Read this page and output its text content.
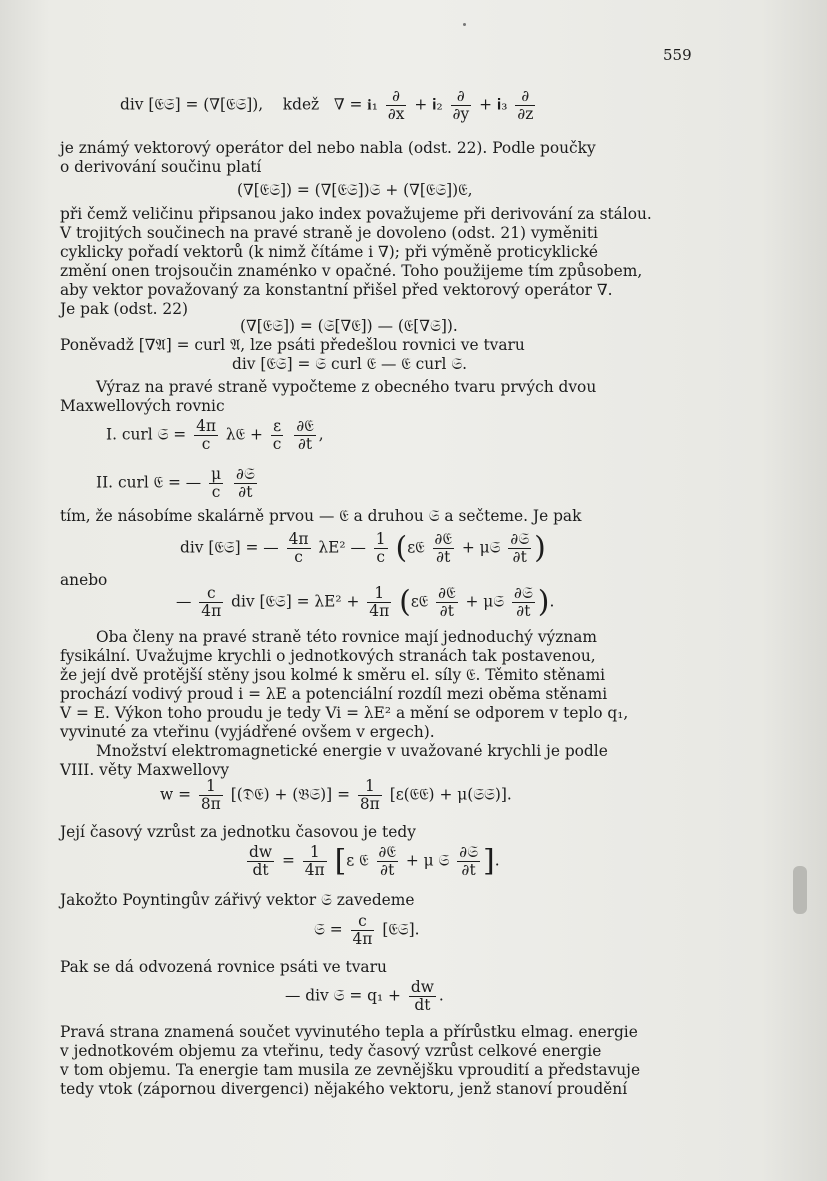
559
div [𝔈𝔖] = (∇[𝔈𝔖]), kdež ∇ = 𝐢₁ $\frac{\partial}{\partial x}$ + 𝐢₂ $\frac{\partial}{\partial y}$ + 𝐢₃ $\frac{\partial}{\partial z}$
je známý vektorový operátor del nebo nabla (odst. 22). Podle poučky
o derivování součinu platí
(∇[𝔈𝔖]) = (∇[𝔈𝔖])𝔖 + (∇[𝔈𝔖])𝔈,
při čemž veličinu připsanou jako index považujeme při derivování za stálou.
V trojitých součinech na pravé straně je dovoleno (odst. 21) vyměniti
cyklicky pořadí vektorů (k nimž čítáme i ∇); při výměně proticyklické
změní onen trojsoučin znaménko v opačné. Toho použijeme tím způsobem,
aby vektor považovaný za konstantní přišel před vektorový operátor ∇.
Je pak (odst. 22)
(∇[𝔈𝔖]) = (𝔖[∇𝔈]) — (𝔈[∇𝔖]).
Poněvadž [∇𝔄] = curl 𝔄, lze psáti předešlou rovnici ve tvaru
div [𝔈𝔖] = 𝔖 curl 𝔈 — 𝔈 curl 𝔖.
Výraz na pravé straně vypočteme z obecného tvaru prvých dvou
Maxwellových rovnic
I. curl 𝔖 = $\frac{4\pi}{c}$ λ𝔈 + $\frac{\varepsilon}{c}$
$\frac{\text{∂𝔈}}{\partial t}$ ,
II. curl 𝔈 = — $\frac{\mu}{c}$
$\frac{\text{∂𝔖}}{\partial t}$
tím, že násobíme skalárně prvou — 𝔈 a druhou 𝔖 a sečteme. Je pak
div [𝔈𝔖] = — $\frac{4\pi}{c} \lambda E^2$ — $\frac{1}{c}$ (ε𝔈 $\frac{\text{∂𝔈}}{\partial t}$ + μ𝔖 $\frac{\text{∂𝔖}}{\partial t}$ )
anebo
— $\frac{c}{4\pi}$ div [𝔈𝔖] = $\lambda E^2 + \frac{1}{4\pi}$ (ε𝔈 $\frac{\text{∂𝔈}}{\partial t}$ + μ𝔖 $\frac{\text{∂𝔖}}{\partial t}$ ).
Oba členy na pravé straně této rovnice mají jednoduchý význam
fysikální. Uvažujme krychli o jednotkových stranách tak postavenou,
že její dvě protější stěny jsou kolmé k směru el. síly 𝔈. Těmito stěnami
prochází vodivý proud i = λE a potenciální rozdíl mezi oběma stěnami
V = E. Výkon toho proudu je tedy Vi = λE² a mění se odporem v teplo q₁,
vyvinuté za vteřinu (vyjádřené ovšem v ergech).
Množství elektromagnetické energie v uvažované krychli je podle
VIII. věty Maxwellovy
$w = \frac{1}{8\pi}$ [(𝔇𝔈) + (𝔅𝔖)] = $\frac{1}{8\pi}$ [ε(𝔈𝔈) + μ(𝔖𝔖)].
Její časový vzrůst za jednotku časovou je tedy
$\frac{dw}{dt} = \frac{1}{4\pi} [\varepsilon$ 𝔈 $\frac{\text{∂𝔈}}{\partial t} + \mu$ 𝔖 $\frac{\text{∂𝔖}}{\partial t}$ ].
Jakožto Poyntingův zářivý vektor 𝔖 zavedeme
𝔖 = $\frac{c}{4\pi}$ [𝔈𝔖].
Pak se dá odvozená rovnice psáti ve tvaru
— div 𝔖 = $q_1 + \frac{dw}{dt}$ .
Pravá strana znamená součet vyvinutého tepla a přírůstku elmag. energie
v jednotkovém objemu za vteřinu, tedy časový vzrůst celkové energie
v tom objemu. Ta energie tam musila ze zevnějšku vproudití a představuje
tedy vtok (zápornou divergenci) nějakého vektoru, jenž stanoví proudění
